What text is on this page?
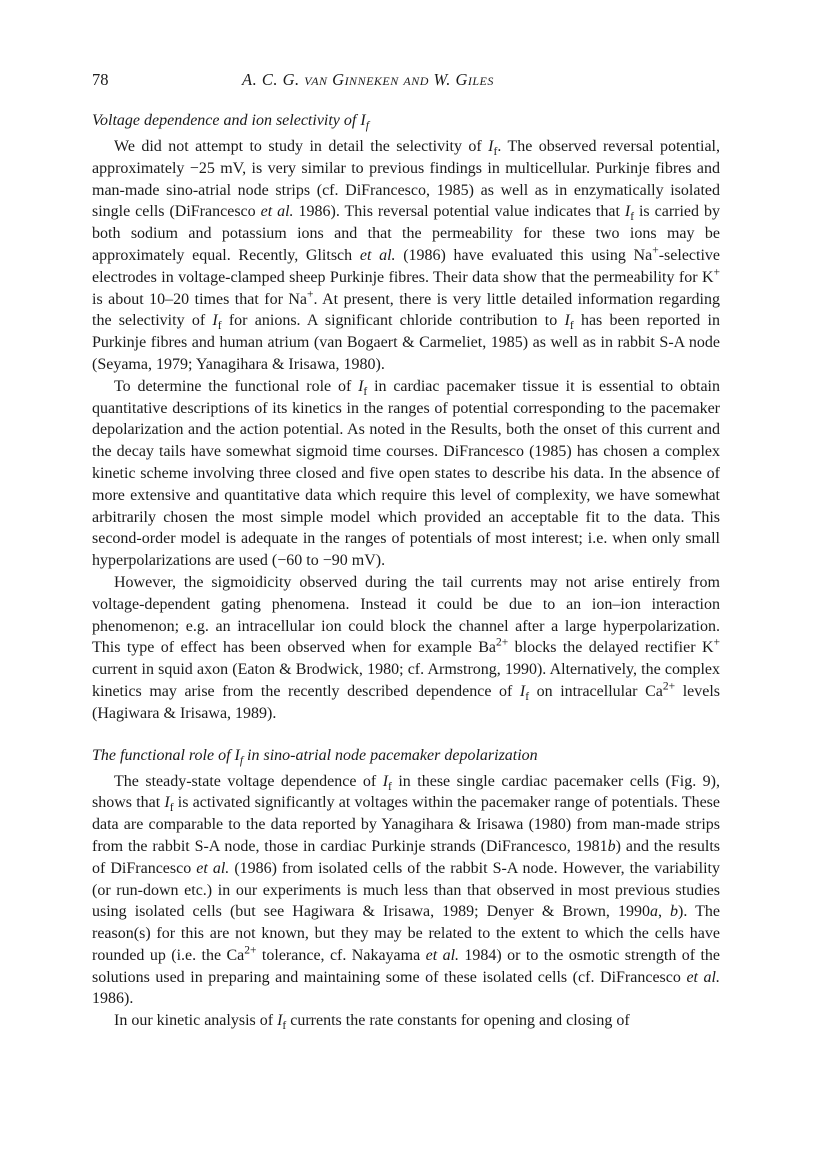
78	A. C. G. van Ginneken and W. Giles
Voltage dependence and ion selectivity of $I_f$

We did not attempt to study in detail the selectivity of $I_f$. The observed reversal potential, approximately −25 mV, is very similar to previous findings in multicellular. Purkinje fibres and man-made sino-atrial node strips (cf. DiFrancesco, 1985) as well as in enzymatically isolated single cells (DiFrancesco et al. 1986). This reversal potential value indicates that $I_f$ is carried by both sodium and potassium ions and that the permeability for these two ions may be approximately equal. Recently, Glitsch et al. (1986) have evaluated this using Na+-selective electrodes in voltage-clamped sheep Purkinje fibres. Their data show that the permeability for K+ is about 10–20 times that for Na+. At present, there is very little detailed information regarding the selectivity of $I_f$ for anions. A significant chloride contribution to $I_f$ has been reported in Purkinje fibres and human atrium (van Bogaert & Carmeliet, 1985) as well as in rabbit S-A node (Seyama, 1979; Yanagihara & Irisawa, 1980).

To determine the functional role of $I_f$ in cardiac pacemaker tissue it is essential to obtain quantitative descriptions of its kinetics in the ranges of potential corresponding to the pacemaker depolarization and the action potential. As noted in the Results, both the onset of this current and the decay tails have somewhat sigmoid time courses. DiFrancesco (1985) has chosen a complex kinetic scheme involving three closed and five open states to describe his data. In the absence of more extensive and quantitative data which require this level of complexity, we have somewhat arbitrarily chosen the most simple model which provided an acceptable fit to the data. This second-order model is adequate in the ranges of potentials of most interest; i.e. when only small hyperpolarizations are used (−60 to −90 mV).

However, the sigmoidicity observed during the tail currents may not arise entirely from voltage-dependent gating phenomena. Instead it could be due to an ion–ion interaction phenomenon; e.g. an intracellular ion could block the channel after a large hyperpolarization. This type of effect has been observed when for example $Ba^{2+}$ blocks the delayed rectifier K+ current in squid axon (Eaton & Brodwick, 1980; cf. Armstrong, 1990). Alternatively, the complex kinetics may arise from the recently described dependence of $I_f$ on intracellular $Ca^{2+}$ levels (Hagiwara & Irisawa, 1989).

The functional role of $I_f$ in sino-atrial node pacemaker depolarization

The steady-state voltage dependence of $I_f$ in these single cardiac pacemaker cells (Fig. 9), shows that $I_f$ is activated significantly at voltages within the pacemaker range of potentials. These data are comparable to the data reported by Yanagihara & Irisawa (1980) from man-made strips from the rabbit S-A node, those in cardiac Purkinje strands (DiFrancesco, 1981b) and the results of DiFrancesco et al. (1986) from isolated cells of the rabbit S-A node. However, the variability (or run-down etc.) in our experiments is much less than that observed in most previous studies using isolated cells (but see Hagiwara & Irisawa, 1989; Denyer & Brown, 1990a, b). The reason(s) for this are not known, but they may be related to the extent to which the cells have rounded up (i.e. the $Ca^{2+}$ tolerance, cf. Nakayama et al. 1984) or to the osmotic strength of the solutions used in preparing and maintaining some of these isolated cells (cf. DiFrancesco et al. 1986).

In our kinetic analysis of $I_f$ currents the rate constants for opening and closing of
